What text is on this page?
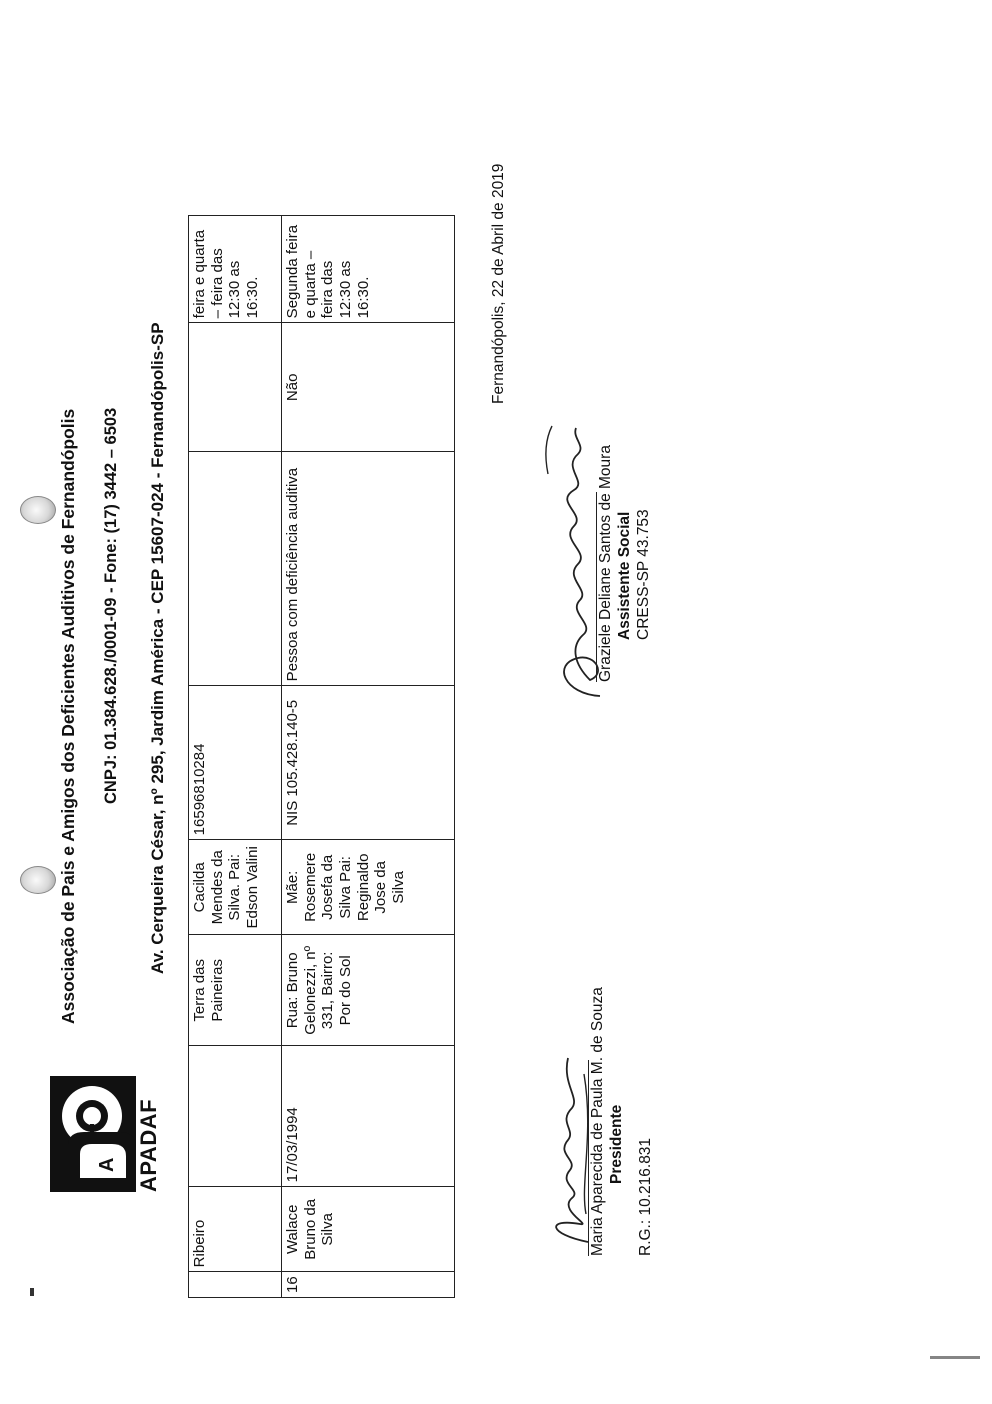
A APADAF
Associação de Pais e Amigos dos Deficientes Auditivos de Fernandópolis CNPJ: 01.384.628./0001-09 - Fone: (17) 3442 – 6503 Av. Cerqueira César, nº 295, Jardim América - CEP 15607-024 - Fernandópolis-SP
	Ribeiro		Terra das Paineiras	Cacilda Mendes da Silva. Pai: Edson Valini	16596810284			feira e quarta – feira das 12:30 as 16:30.
16	Walace Bruno da Silva	17/03/1994	Rua: Bruno Gelonezzi, nº 331, Bairro: Por do Sol	Mãe: Rosemere Josefa da Silva Pai: Reginaldo Jose da Silva	NIS 105.428.140-5	Pessoa com deficiência auditiva	Não	Segunda feira e quarta – feira das 12:30 as 16:30.	Fernandópolis, 22 de Abril de 2019
Maria Aparecida de Paula M. de Souza Presidente R.G.: 10.216.831
Graziele Deliane Santos de Moura Assistente Social CRESS-SP 43.753
